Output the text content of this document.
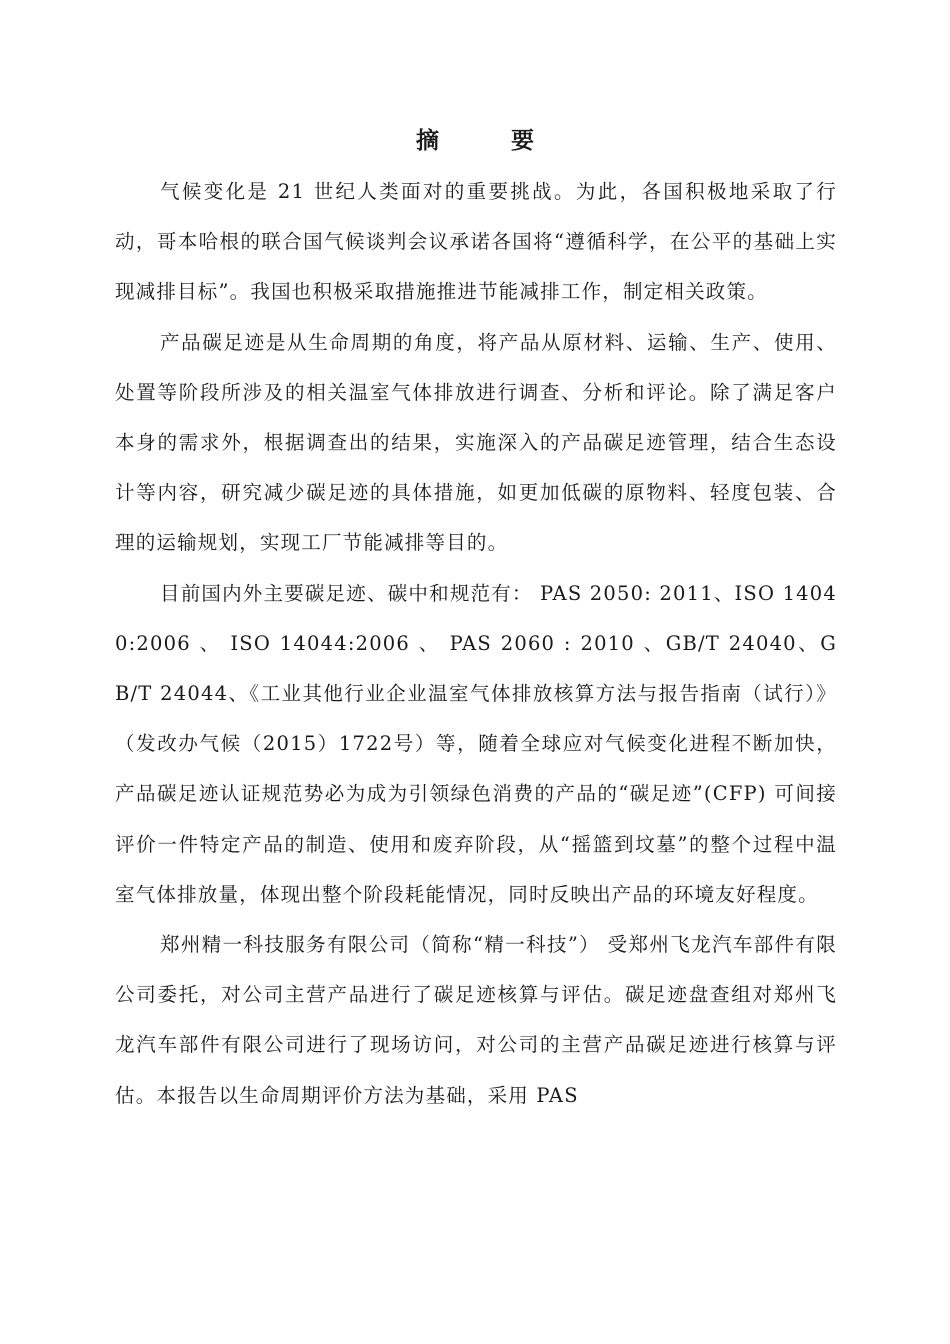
摘 要

气候变化是 21 世纪人类面对的重要挑战。为此，各国积极地采取了行动，哥本哈根的联合国气候谈判会议承诺各国将“遵循科学，在公平的基础上实现减排目标”。我国也积极采取措施推进节能减排工作，制定相关政策。

产品碳足迹是从生命周期的角度，将产品从原材料、运输、生产、使用、处置等阶段所涉及的相关温室气体排放进行调查、分析和评论。除了满足客户本身的需求外，根据调查出的结果，实施深入的产品碳足迹管理，结合生态设计等内容，研究减少碳足迹的具体措施，如更加低碳的原物料、轻度包装、合理的运输规划，实现工厂节能减排等目的。

目前国内外主要碳足迹、碳中和规范有： PAS 2050: 2011、ISO 14040:2006 、 ISO 14044:2006 、 PAS 2060 : 2010 、GB/T 24040、GB/T 24044、《工业其他行业企业温室气体排放核算方法与报告指南（试行）》（发改办气候（2015）1722号）等，随着全球应对气候变化进程不断加快，产品碳足迹认证规范势必为成为引领绿色消费的产品的“碳足迹”(CFP) 可间接评价一件特定产品的制造、使用和废弃阶段，从“摇篮到坟墓”的整个过程中温室气体排放量，体现出整个阶段耗能情况，同时反映出产品的环境友好程度。

郑州精一科技服务有限公司（简称“精一科技”） 受郑州飞龙汽车部件有限公司委托，对公司主营产品进行了碳足迹核算与评估。碳足迹盘查组对郑州飞龙汽车部件有限公司进行了现场访问，对公司的主营产品碳足迹进行核算与评估。本报告以生命周期评价方法为基础，采用 PAS
